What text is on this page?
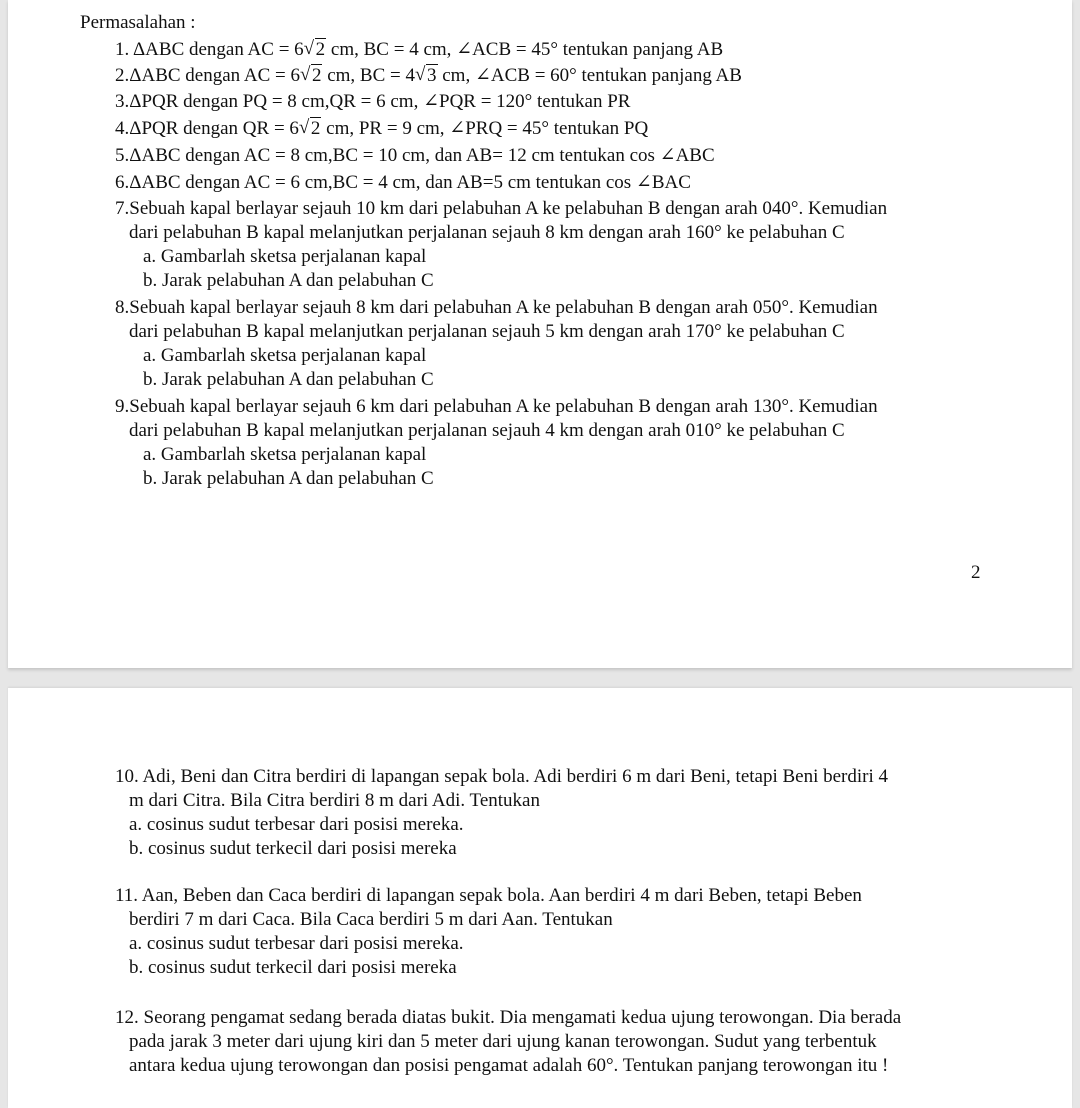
Permasalahan :
1. ΔABC dengan AC = 6 √ 2 cm, BC = 4 cm, ∠ACB = 45° tentukan panjang AB
2.ΔABC dengan AC = 6 √ 2 cm, BC = 4 √ 3 cm, ∠ACB = 60° tentukan panjang AB
3.ΔPQR dengan PQ = 8 cm,QR = 6 cm, ∠PQR = 120° tentukan PR
4.ΔPQR dengan QR = 6 √ 2 cm, PR = 9 cm, ∠PRQ = 45° tentukan PQ
5.ΔABC dengan AC = 8 cm,BC = 10 cm, dan AB= 12 cm tentukan cos ∠ABC
6.ΔABC dengan AC = 6 cm,BC = 4 cm, dan AB=5 cm tentukan cos ∠BAC
7.Sebuah kapal berlayar sejauh 10 km dari pelabuhan A ke pelabuhan B dengan arah 040°. Kemudian
dari pelabuhan B kapal melanjutkan perjalanan sejauh 8 km dengan arah 160° ke pelabuhan C
a. Gambarlah sketsa perjalanan kapal
b. Jarak pelabuhan A dan pelabuhan C
8.Sebuah kapal berlayar sejauh 8 km dari pelabuhan A ke pelabuhan B dengan arah 050°. Kemudian
dari pelabuhan B kapal melanjutkan perjalanan sejauh 5 km dengan arah 170° ke pelabuhan C
a. Gambarlah sketsa perjalanan kapal
b. Jarak pelabuhan A dan pelabuhan C
9.Sebuah kapal berlayar sejauh 6 km dari pelabuhan A ke pelabuhan B dengan arah 130°. Kemudian
dari pelabuhan B kapal melanjutkan perjalanan sejauh 4 km dengan arah 010° ke pelabuhan C
a. Gambarlah sketsa perjalanan kapal
b. Jarak pelabuhan A dan pelabuhan C
2
10. Adi, Beni dan Citra berdiri di lapangan sepak bola. Adi berdiri 6 m dari Beni, tetapi Beni berdiri 4
m dari Citra. Bila Citra berdiri 8 m dari Adi. Tentukan
a. cosinus sudut terbesar dari posisi mereka.
b. cosinus sudut terkecil dari posisi mereka
11. Aan, Beben dan Caca berdiri di lapangan sepak bola. Aan berdiri 4 m dari Beben, tetapi Beben
berdiri 7 m dari Caca. Bila Caca berdiri 5 m dari Aan. Tentukan
a. cosinus sudut terbesar dari posisi mereka.
b. cosinus sudut terkecil dari posisi mereka
12. Seorang pengamat sedang berada diatas bukit. Dia mengamati kedua ujung terowongan. Dia berada
pada jarak 3 meter dari ujung kiri dan 5 meter dari ujung kanan terowongan. Sudut yang terbentuk
antara kedua ujung terowongan dan posisi pengamat adalah 60°. Tentukan panjang terowongan itu !
